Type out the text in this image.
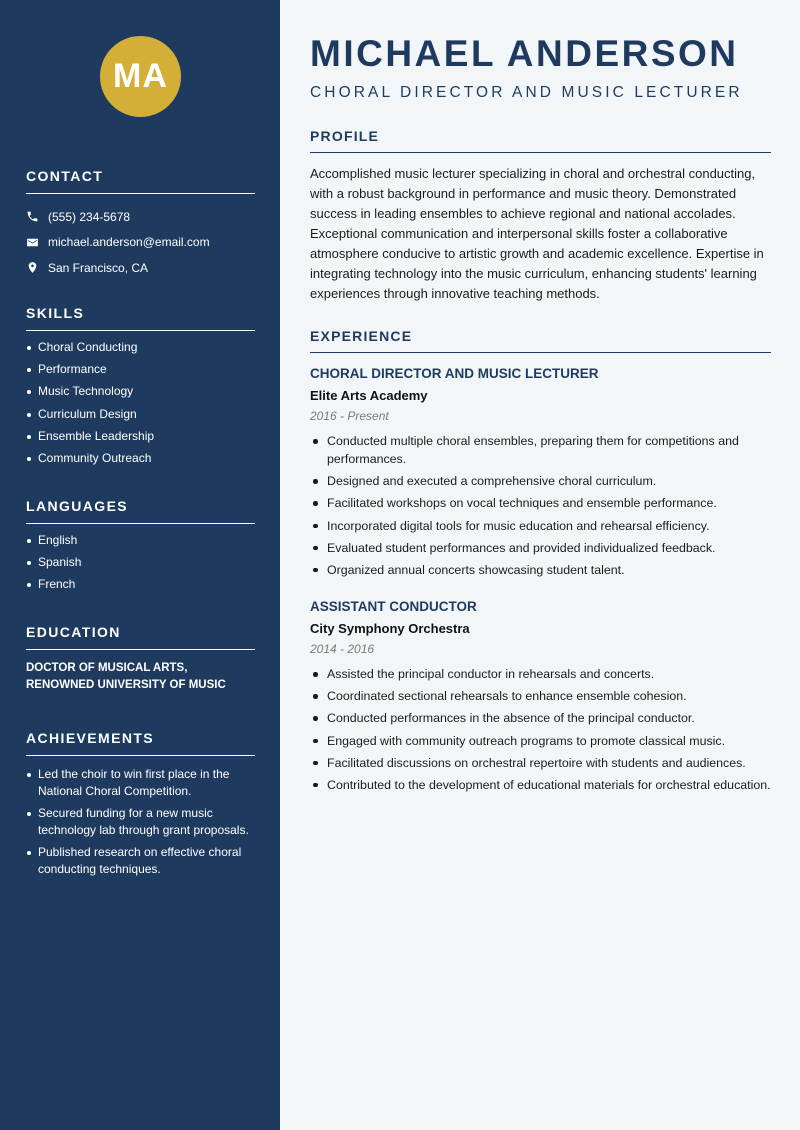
MA
CONTACT
(555) 234-5678
michael.anderson@email.com
San Francisco, CA
SKILLS
Choral Conducting
Performance
Music Technology
Curriculum Design
Ensemble Leadership
Community Outreach
LANGUAGES
English
Spanish
French
EDUCATION
DOCTOR OF MUSICAL ARTS, RENOWNED UNIVERSITY OF MUSIC
ACHIEVEMENTS
Led the choir to win first place in the National Choral Competition.
Secured funding for a new music technology lab through grant proposals.
Published research on effective choral conducting techniques.
MICHAEL ANDERSON
CHORAL DIRECTOR AND MUSIC LECTURER
PROFILE

Accomplished music lecturer specializing in choral and orchestral conducting, with a robust background in performance and music theory. Demonstrated success in leading ensembles to achieve regional and national accolades. Exceptional communication and interpersonal skills foster a collaborative atmosphere conducive to artistic growth and academic excellence. Expertise in integrating technology into the music curriculum, enhancing students' learning experiences through innovative teaching methods.

EXPERIENCE
CHORAL DIRECTOR AND MUSIC LECTURER
Elite Arts Academy
2016 - Present
Conducted multiple choral ensembles, preparing them for competitions and performances.
Designed and executed a comprehensive choral curriculum.
Facilitated workshops on vocal techniques and ensemble performance.
Incorporated digital tools for music education and rehearsal efficiency.
Evaluated student performances and provided individualized feedback.
Organized annual concerts showcasing student talent.
ASSISTANT CONDUCTOR
City Symphony Orchestra
2014 - 2016
Assisted the principal conductor in rehearsals and concerts.
Coordinated sectional rehearsals to enhance ensemble cohesion.
Conducted performances in the absence of the principal conductor.
Engaged with community outreach programs to promote classical music.
Facilitated discussions on orchestral repertoire with students and audiences.
Contributed to the development of educational materials for orchestral education.
